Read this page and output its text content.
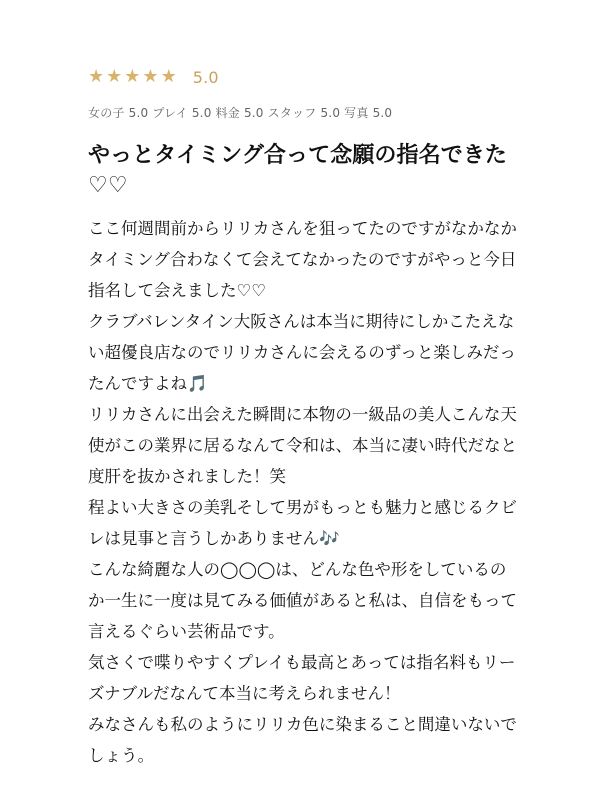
★ ★ ★ ★ ★ 5.0
女の子 5.0 プレイ 5.0 料金 5.0 スタッフ 5.0 写真 5.0
やっとタイミング合って念願の指名できた♡♡

ここ何週間前からリリカさんを狙ってたのですがなかなかタイミング合わなくて会えてなかったのですがやっと今日指名して会えました♡♡

クラブバレンタイン大阪さんは本当に期待にしかこたえない超優良店なのでリリカさんに会えるのずっと楽しみだったんですよね🎵

リリカさんに出会えた瞬間に本物の一級品の美人こんな天使がこの業界に居るなんて令和は、本当に凄い時代だなと度肝を抜かされました！笑

程よい大きさの美乳そして男がもっとも魅力と感じるクビレは見事と言うしかありません🎶

こんな綺麗な人の◯◯◯は、どんな色や形をしているのか一生に一度は見てみる価値があると私は、自信をもって言えるぐらい芸術品です。

気さくで喋りやすくプレイも最高とあっては指名料もリーズナブルだなんて本当に考えられません！

みなさんも私のようにリリカ色に染まること間違いないでしょう。
